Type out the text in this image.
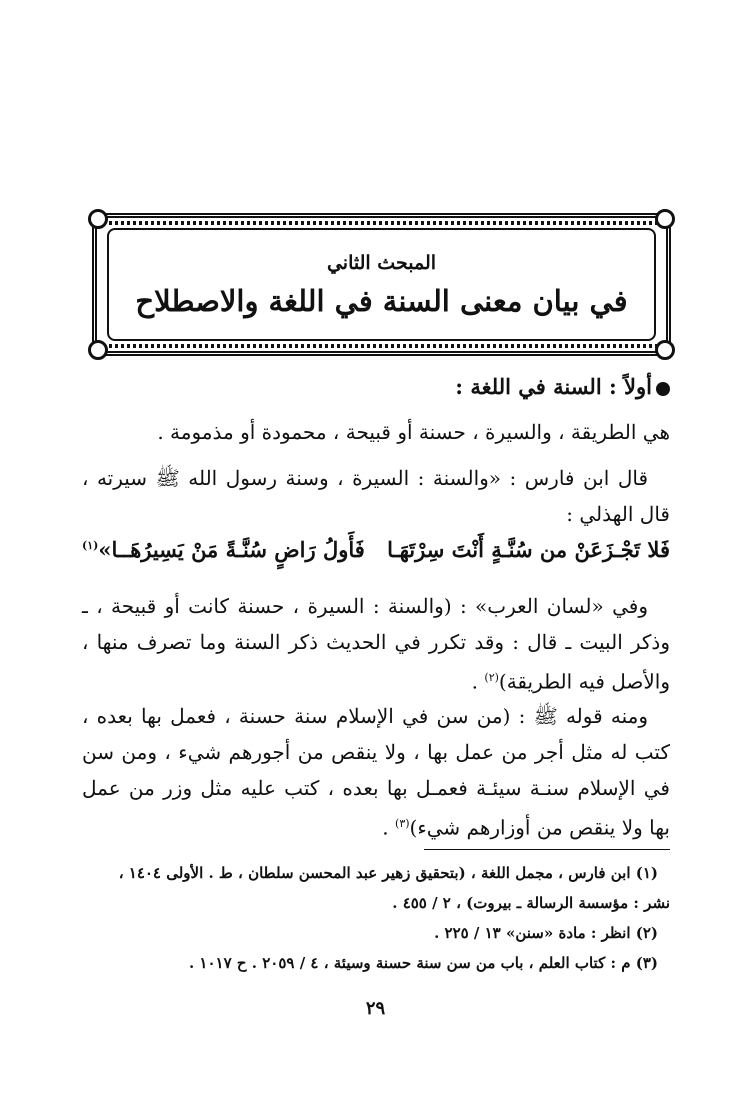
المبحث الثاني
في بيان معنى السنة في اللغة والاصطلاح
أولاً : السنة في اللغة :
هي الطريقة ، والسيرة ، حسنة أو قبيحة ، محمودة أو مذمومة .
قال ابن فارس : «والسنة : السيرة ، وسنة رسول الله ﷺ سيرته ، قال الهذلي :
فَلا تَجْـزَعَنْ من سُنَّـةٍ أَنْتَ سِرْتَهَـا
فَأَولُ رَاضٍ سُنَّـةً مَنْ يَسِيرُهَــا»$^{(١)}$
وفي «لسان العرب» : (والسنة : السيرة ، حسنة كانت أو قبيحة ، ـ وذكر البيت ـ قال : وقد تكرر في الحديث ذكر السنة وما تصرف منها ، والأصل فيه الطريقة)$^{(٢)}$ .
ومنه قوله ﷺ : (من سن في الإسلام سنة حسنة ، فعمل بها بعده ، كتب له مثل أجر من عمل بها ، ولا ينقص من أجورهم شيء ، ومن سن في الإسلام سنـة سيئـة فعمـل بها بعده ، كتب عليه مثل وزر من عمل بها ولا ينقص من أوزارهم شيء)$^{(٣)}$ .
(١) ابن فارس ، مجمل اللغة ، (بتحقيق زهير عبد المحسن سلطان ، ط . الأولى ١٤٠٤ ،
نشر : مؤسسة الرسالة ـ بيروت) ، ٢ / ٤٥٥ .
(٢) انظر : مادة «سنن» ١٣ / ٢٢٥ .
(٣) م : كتاب العلم ، باب من سن سنة حسنة وسيئة ، ٤ / ٢٠٥٩ . ح ١٠١٧ .
٢٩
